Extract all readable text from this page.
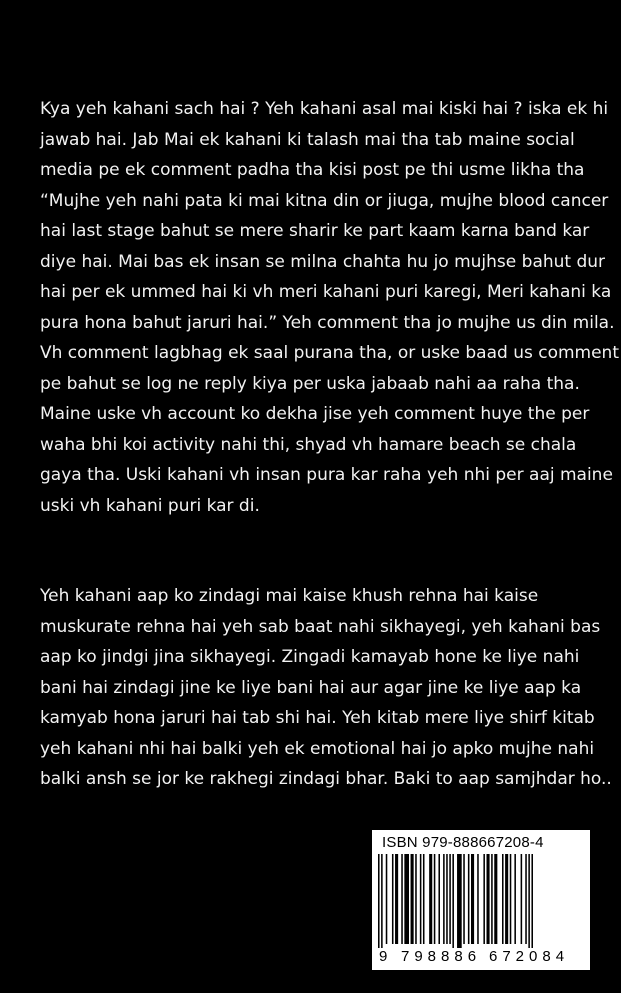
Kya yeh kahani sach hai ? Yeh kahani asal mai kiski hai ? iska ek hi
jawab hai. Jab Mai ek kahani ki talash mai tha tab maine social
media pe ek comment padha tha kisi post pe thi usme likha tha
“Mujhe yeh nahi pata ki mai kitna din or jiuga, mujhe blood cancer
hai last stage bahut se mere sharir ke part kaam karna band kar
diye hai. Mai bas ek insan se milna chahta hu jo mujhse bahut dur
hai per ek ummed hai ki vh meri kahani puri karegi, Meri kahani ka
pura hona bahut jaruri hai.” Yeh comment tha jo mujhe us din mila.
Vh comment lagbhag ek saal purana tha, or uske baad us comment
pe bahut se log ne reply kiya per uska jabaab nahi aa raha tha.
Maine uske vh account ko dekha jise yeh comment huye the per
waha bhi koi activity nahi thi, shyad vh hamare beach se chala
gaya tha. Uski kahani vh insan pura kar raha yeh nhi per aaj maine
uski vh kahani puri kar di.
Yeh kahani aap ko zindagi mai kaise khush rehna hai kaise
muskurate rehna hai yeh sab baat nahi sikhayegi, yeh kahani bas
aap ko jindgi jina sikhayegi. Zingadi kamayab hone ke liye nahi
bani hai zindagi jine ke liye bani hai aur agar jine ke liye aap ka
kamyab hona jaruri hai tab shi hai. Yeh kitab mere liye shirf kitab
yeh kahani nhi hai balki yeh ek emotional hai jo apko mujhe nahi
balki ansh se jor ke rakhegi zindagi bhar. Baki to aap samjhdar ho..
ISBN 979-888667208-4
9 798886 672084
